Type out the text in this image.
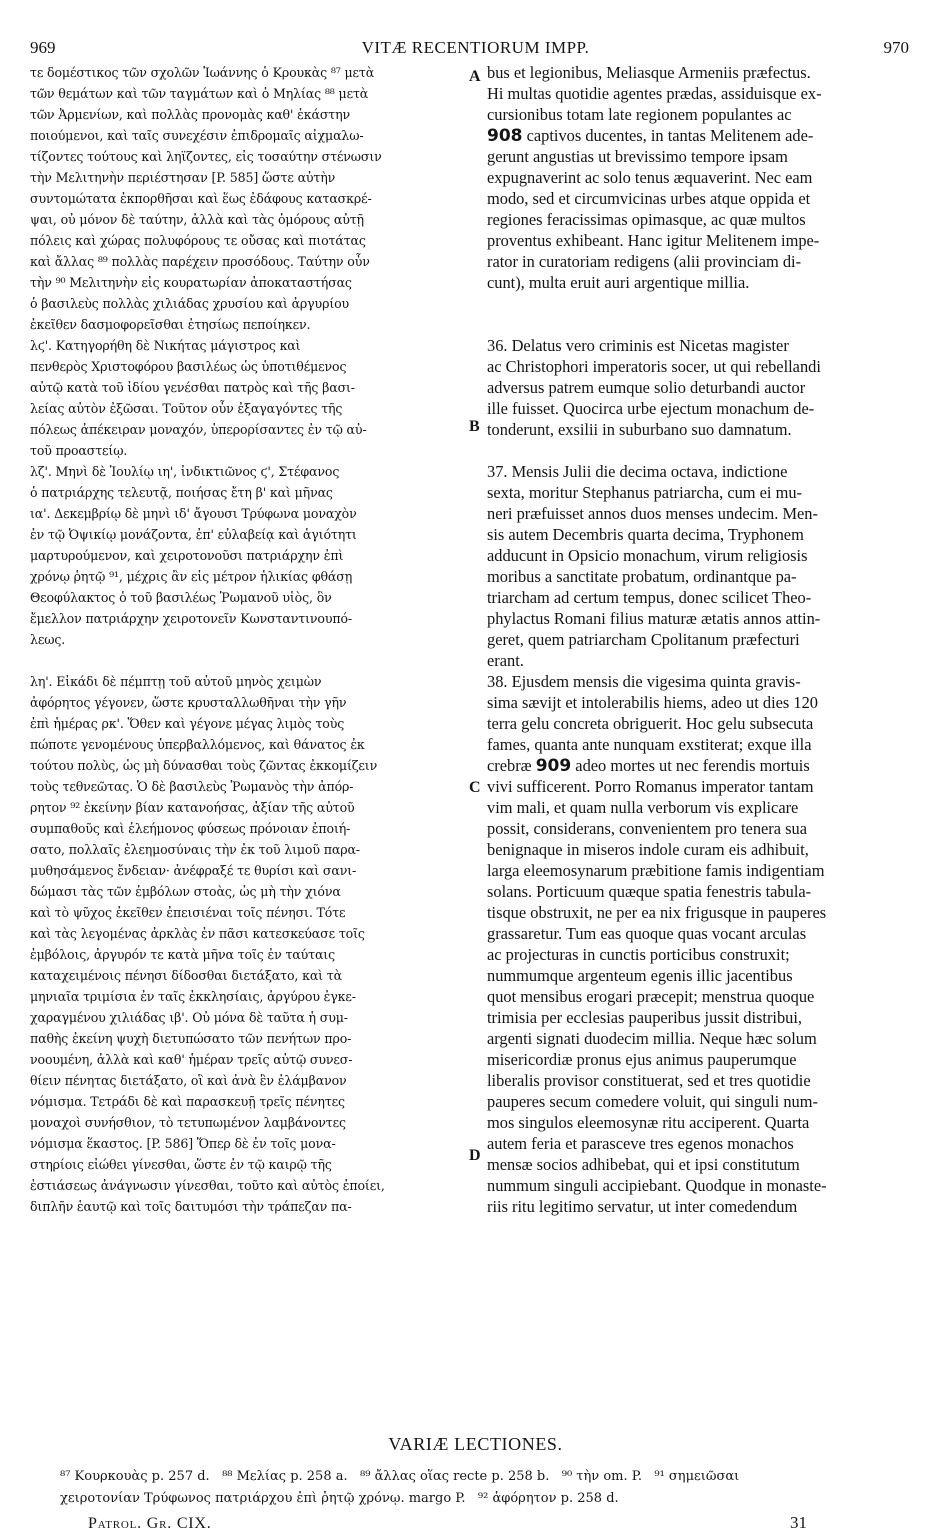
969	VITÆ RECENTIORUM IMPP.	970
τε δομέστικος τῶν σχολῶν Ἰωάννης ὁ Κρουκὰς ⁸⁷ μετὰ
τῶν θεμάτων καὶ τῶν ταγμάτων καὶ ὁ Μηλίας ⁸⁸ μετὰ
τῶν Ἀρμενίων, καὶ πολλὰς προνομὰς καθ' ἑκάστην
ποιούμενοι, καὶ ταῖς συνεχέσιν ἐπιδρομαῖς αἰχμαλω-
τίζοντες τούτους καὶ ληϊζοντες, εἰς τοσαύτην στένωσιν
τὴν Μελιτηνὴν περιέστησαν [P. 585] ὥστε αὐτὴν
συντομώτατα ἐκπορθῆσαι καὶ ἕως ἐδάφους κατασκρέ-
ψαι, οὐ μόνον δὲ ταύτην, ἀλλὰ καὶ τὰς ὁμόρους αὐτῇ
πόλεις καὶ χώρας πολυφόρους τε οὔσας καὶ πιοτάτας
καὶ ἄλλας ⁸⁹ πολλὰς παρέχειν προσόδους. Ταύτην οὖν
τὴν ⁹⁰ Μελιτηνὴν εἰς κουρατωρίαν ἀποκαταστήσας
ὁ βασιλεὺς πολλὰς χιλιάδας χρυσίου καὶ ἀργυρίου
ἐκεῖθεν δασμοφορεῖσθαι ἐτησίως πεποίηκεν.
λϛ'. Κατηγορήθη δὲ Νικήτας μάγιστρος καὶ
πενθερὸς Χριστοφόρου βασιλέως ὡς ὑποτιθέμενος
αὐτῷ κατὰ τοῦ ἰδίου γενέσθαι πατρὸς καὶ τῆς βασι-
λείας αὐτὸν ἐξῶσαι. Τοῦτον οὖν ἐξαγαγόντες τῆς
πόλεως ἀπέκειραν μοναχόν, ὑπερορίσαντες ἐν τῷ αὐ-
τοῦ προαστείῳ.
λζ'. Μηνὶ δὲ Ἰουλίῳ ιη', ἰνδικτιῶνος ϛ', Στέφανος
ὁ πατριάρχης τελευτᾷ, ποιήσας ἔτη β' καὶ μῆνας
ια'. Δεκεμβρίῳ δὲ μηνὶ ιδ' ἄγουσι Τρύφωνα μοναχὸν
ἐν τῷ Ὀψικίῳ μονάζοντα, ἐπ' εὐλαβείᾳ καὶ ἁγιότητι
μαρτυρούμενον, καὶ χειροτονοῦσι πατριάρχην ἐπὶ
χρόνῳ ῥητῷ ⁹¹, μέχρις ἂν εἰς μέτρον ἡλικίας φθάσῃ
Θεοφύλακτος ὁ τοῦ βασιλέως Ῥωμανοῦ υἱὸς, ὃν
ἔμελλον πατριάρχην χειροτονεῖν Κωνσταντινουπό-
λεως.

λη'. Εἰκάδι δὲ πέμπτῃ τοῦ αὐτοῦ μηνὸς χειμὼν
ἀφόρητος γέγονεν, ὥστε κρυσταλλωθῆναι τὴν γῆν
ἐπὶ ἡμέρας ρκ'. Ὅθεν καὶ γέγονε μέγας λιμὸς τοὺς
πώποτε γενομένους ὑπερβαλλόμενος, καὶ θάνατος ἐκ
τούτου πολὺς, ὡς μὴ δύνασθαι τοὺς ζῶντας ἐκκομίζειν
τοὺς τεθνεῶτας. Ὁ δὲ βασιλεὺς Ῥωμανὸς τὴν ἀπόρ-
ρητον ⁹² ἐκείνην βίαν κατανοήσας, ἀξίαν τῆς αὐτοῦ
συμπαθοῦς καὶ ἐλεήμονος φύσεως πρόνοιαν ἐποιή-
σατο, πολλαῖς ἐλεημοσύναις τὴν ἐκ τοῦ λιμοῦ παρα-
μυθησάμενος ἔνδειαν· ἀνέφραξέ τε θυρίσι καὶ σανι-
δώμασι τὰς τῶν ἐμβόλων στοὰς, ὡς μὴ τὴν χιόνα
καὶ τὸ ψῦχος ἐκεῖθεν ἐπεισιέναι τοῖς πένησι. Τότε
καὶ τὰς λεγομένας ἀρκλὰς ἐν πᾶσι κατεσκεύασε τοῖς
ἐμβόλοις, ἀργυρόν τε κατὰ μῆνα τοῖς ἐν ταύταις
καταχειμένοις πένησι δίδοσθαι διετάξατο, καὶ τὰ
μηνιαῖα τριμίσια ἐν ταῖς ἐκκλησίαις, ἀργύρου ἐγκε-
χαραγμένου χιλιάδας ιβ'. Οὐ μόνα δὲ ταῦτα ἡ συμ-
παθὴς ἐκείνη ψυχὴ διετυπώσατο τῶν πενήτων προ-
νοουμένη, ἀλλὰ καὶ καθ' ἡμέραν τρεῖς αὐτῷ συνεσ-
θίειν πένητας διετάξατο, οἳ καὶ ἀνὰ ἓν ἐλάμβανον
νόμισμα. Τετράδι δὲ καὶ παρασκευῇ τρεῖς πένητες
μοναχοὶ συνήσθιον, τὸ τετυπωμένον λαμβάνοντες
νόμισμα ἕκαστος. [P. 586] Ὅπερ δὲ ἐν τοῖς μονα-
στηρίοις εἰώθει γίνεσθαι, ὥστε ἐν τῷ καιρῷ τῆς
ἑστιάσεως ἀνάγνωσιν γίνεσθαι, τοῦτο καὶ αὐτὸς ἐποίει,
διπλῆν ἑαυτῷ καὶ τοῖς δαιτυμόσι τὴν τράπεζαν πα-
bus et legionibus, Meliasque Armeniis præfectus.
Hi multas quotidie agentes prædas, assiduisque ex-
cursionibus totam late regionem populantes ac
908 captivos ducentes, in tantas Melitenem ade-
gerunt angustias ut brevissimo tempore ipsam
expugnaverint ac solo tenus æquaverint. Nec eam
modo, sed et circumvicinas urbes atque oppida et
regiones feracissimas opimasque, ac quæ multos
proventus exhibeant. Hanc igitur Melitenem impe-
rator in curatoriam redigens (alii provinciam di-
cunt), multa eruit auri argentique millia.

36. Delatus vero criminis est Nicetas magister
ac Christophori imperatoris socer, ut qui rebellandi
adversus patrem eumque solio deturbandi auctor
ille fuisset. Quocirca urbe ejectum monachum de-
tonderunt, exsilii in suburbano suo damnatum.

37. Mensis Julii die decima octava, indictione
sexta, moritur Stephanus patriarcha, cum ei mu-
neri præfuisset annos duos menses undecim. Men-
sis autem Decembris quarta decima, Tryphonem
adducunt in Opsicio monachum, virum religiosis
moribus a sanctitate probatum, ordinantque pa-
triarcham ad certum tempus, donec scilicet Theo-
phylactus Romani filius maturæ ætatis annos attin-
geret, quem patriarcham Cpolitanum præfecturi
erant.
38. Ejusdem mensis die vigesima quinta gravis-
sima sævijt et intolerabilis hiems, adeo ut dies 120
terra gelu concreta obriguerit. Hoc gelu subsecuta
fames, quanta ante nunquam exstiterat; exque illa
crebræ 909 adeo mortes ut nec ferendis mortuis
vivi sufficerent. Porro Romanus imperator tantam
vim mali, et quam nulla verborum vis explicare
possit, considerans, convenientem pro tenera sua
benignaque in miseros indole curam eis adhibuit,
larga eleemosynarum præbitione famis indigentiam
solans. Porticuum quæque spatia fenestris tabula-
tisque obstruxit, ne per ea nix frigusque in pauperes
grassaretur. Tum eas quoque quas vocant arculas
ac projecturas in cunctis porticibus construxit;
nummumque argenteum egenis illic jacentibus
quot mensibus erogari præcepit; menstrua quoque
trimisia per ecclesias pauperibus jussit distribui,
argenti signati duodecim millia. Neque hæc solum
misericordiæ pronus ejus animus pauperumque
liberalis provisor constituerat, sed et tres quotidie
pauperes secum comedere voluit, qui singuli num-
mos singulos eleemosynæ ritu acciperent. Quarta
autem feria et parasceve tres egenos monachos
mensæ socios adhibebat, qui et ipsi constitutum
nummum singuli accipiebant. Quodque in monaste-
riis ritu legitimo servatur, ut inter comedendum
A
B
C
D
VARIÆ LECTIONES.
⁸⁷ Κουρκουὰς p. 257 d.   ⁸⁸ Μελίας p. 258 a.   ⁸⁹ ἄλλας οἵας recte p. 258 b.   ⁹⁰ τὴν om. P.   ⁹¹ σημειῶσαι
χειροτονίαν Τρύφωνος πατριάρχου ἐπὶ ῥητῷ χρόνῳ. margo P.   ⁹² ἀφόρητον p. 258 d.
Patrol. Gr. CIX.	31
